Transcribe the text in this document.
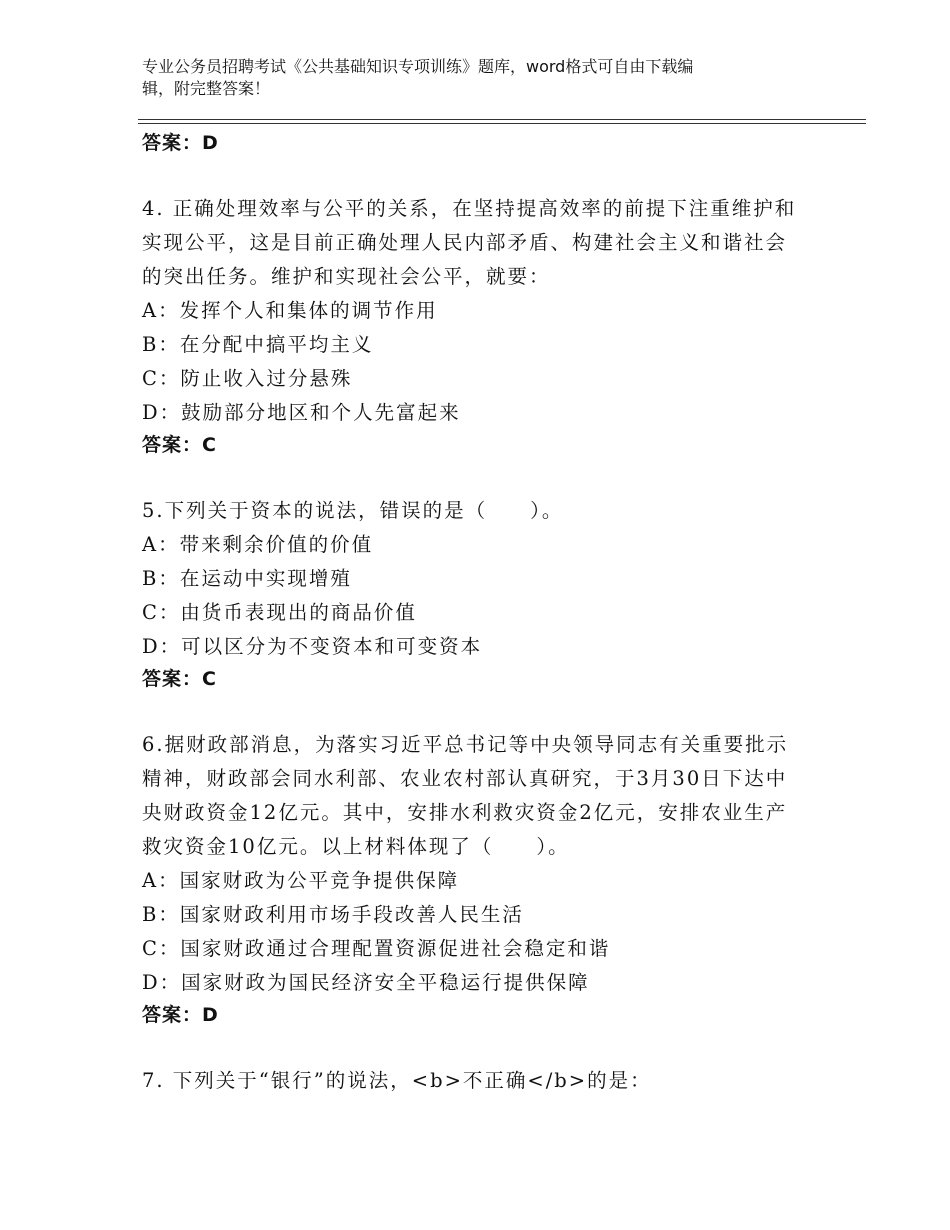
专业公务员招聘考试《公共基础知识专项训练》题库，word格式可自由下载编
辑，附完整答案！
答案：D
4. 正确处理效率与公平的关系，在坚持提高效率的前提下注重维护和
实现公平，这是目前正确处理人民内部矛盾、构建社会主义和谐社会
的突出任务。维护和实现社会公平，就要：
A：发挥个人和集体的调节作用
B：在分配中搞平均主义
C：防止收入过分悬殊
D：鼓励部分地区和个人先富起来
答案：C
5.下列关于资本的说法，错误的是（　　）。
A：带来剩余价值的价值
B：在运动中实现增殖
C：由货币表现出的商品价值
D：可以区分为不变资本和可变资本
答案：C
6.据财政部消息，为落实习近平总书记等中央领导同志有关重要批示
精神，财政部会同水利部、农业农村部认真研究，于3月30日下达中
央财政资金12亿元。其中，安排水利救灾资金2亿元，安排农业生产
救灾资金10亿元。以上材料体现了（　　）。
A：国家财政为公平竞争提供保障
B：国家财政利用市场手段改善人民生活
C：国家财政通过合理配置资源促进社会稳定和谐
D：国家财政为国民经济安全平稳运行提供保障
答案：D
7. 下列关于“银行”的说法，<b>不正确</b>的是：
